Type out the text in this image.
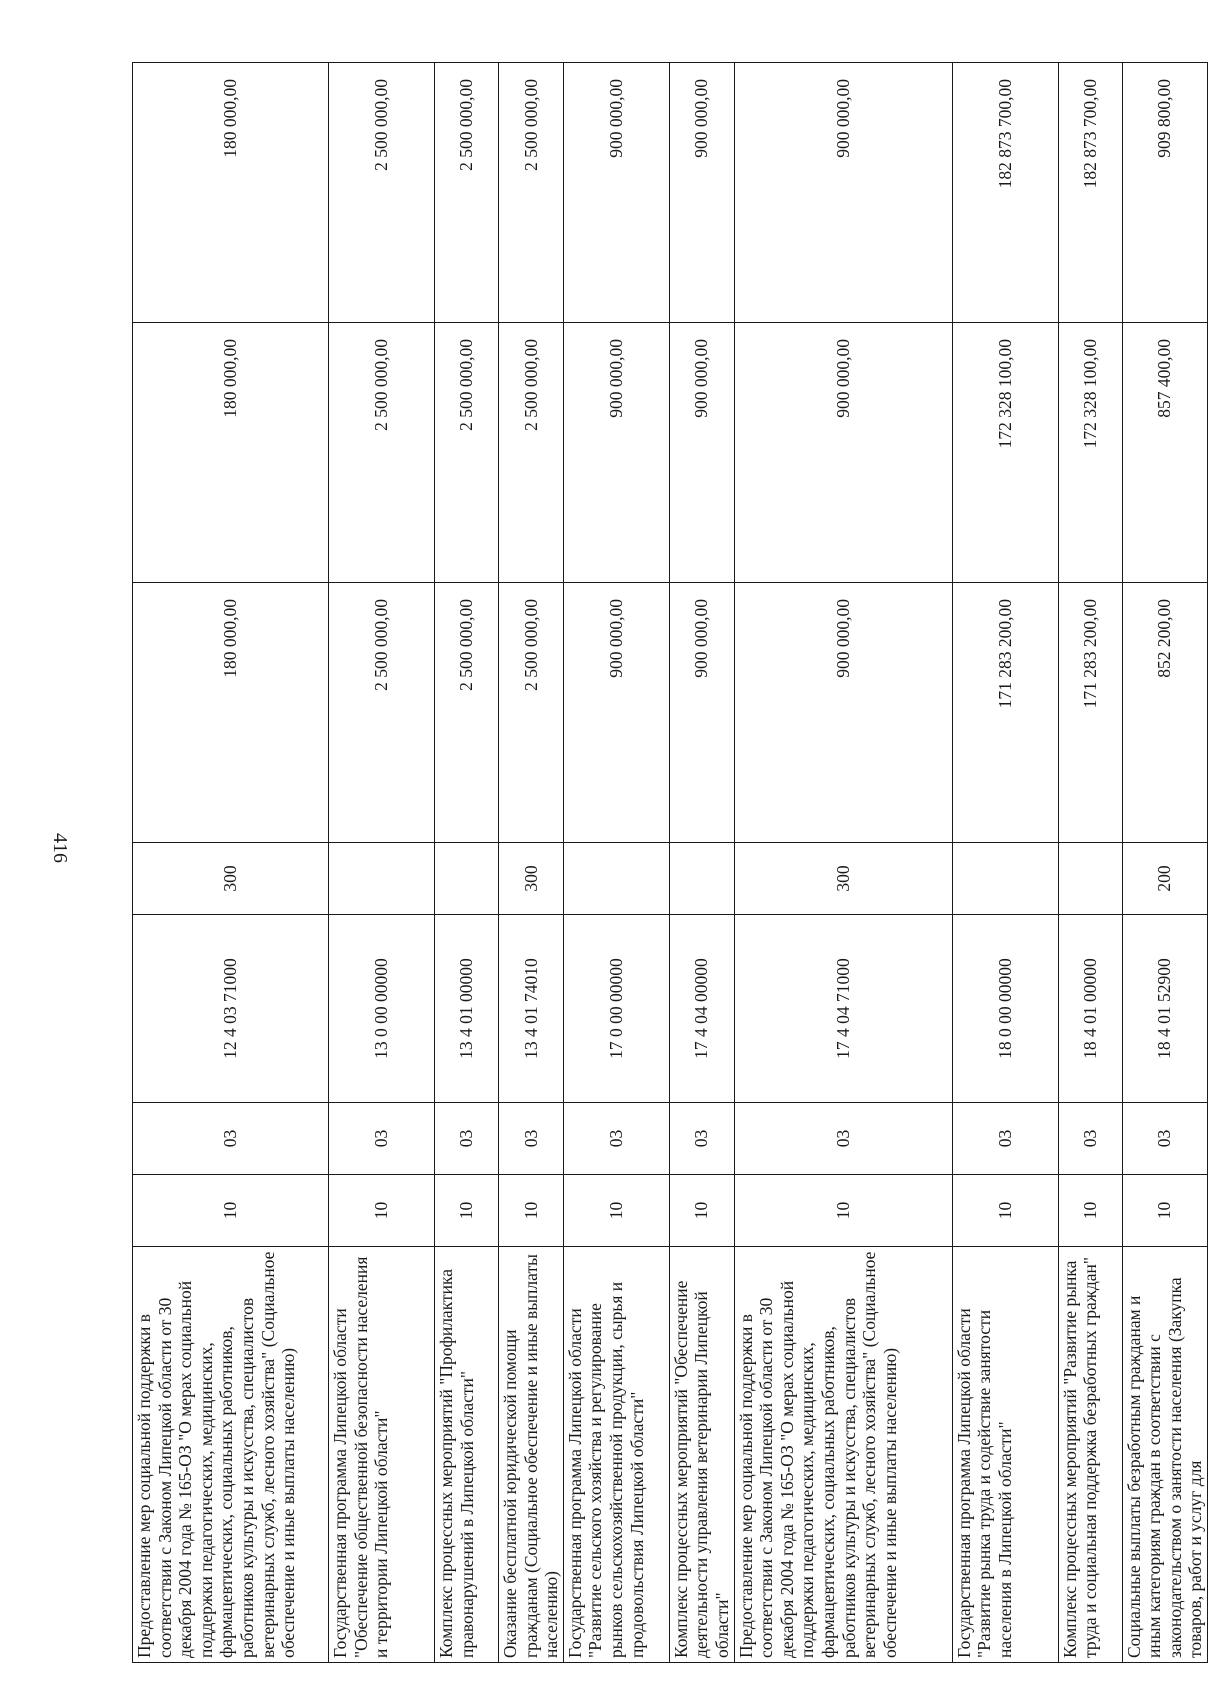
416
Предоставление мер социальной поддержки в соответствии с Законом Липецкой области от 30 декабря 2004 года № 165-ОЗ "О мерах социальной поддержки педагогических, медицинских, фармацевтических, социальных работников, работников культуры и искусства, специалистов ветеринарных служб, лесного хозяйства" (Социальное обеспечение и иные выплаты населению)	10	03	12 4 03 71000	300	180 000,00	180 000,00	180 000,00
Государственная программа Липецкой области "Обеспечение общественной безопасности населения и территории Липецкой области"	10	03	13 0 00 00000		2 500 000,00	2 500 000,00	2 500 000,00
Комплекс процессных мероприятий "Профилактика правонарушений в Липецкой области"	10	03	13 4 01 00000		2 500 000,00	2 500 000,00	2 500 000,00
Оказание бесплатной юридической помощи гражданам (Социальное обеспечение и иные выплаты населению)	10	03	13 4 01 74010	300	2 500 000,00	2 500 000,00	2 500 000,00
Государственная программа Липецкой области "Развитие сельского хозяйства и регулирование рынков сельскохозяйственной продукции, сырья и продовольствия Липецкой области"	10	03	17 0 00 00000		900 000,00	900 000,00	900 000,00
Комплекс процессных мероприятий "Обеспечение деятельности управления ветеринарии Липецкой области"	10	03	17 4 04 00000		900 000,00	900 000,00	900 000,00
Предоставление мер социальной поддержки в соответствии с Законом Липецкой области от 30 декабря 2004 года № 165-ОЗ "О мерах социальной поддержки педагогических, медицинских, фармацевтических, социальных работников, работников культуры и искусства, специалистов ветеринарных служб, лесного хозяйства" (Социальное обеспечение и иные выплаты населению)	10	03	17 4 04 71000	300	900 000,00	900 000,00	900 000,00
Государственная программа Липецкой области "Развитие рынка труда и содействие занятости населения в Липецкой области"	10	03	18 0 00 00000		171 283 200,00	172 328 100,00	182 873 700,00
Комплекс процессных мероприятий "Развитие рынка труда и социальная поддержка безработных граждан"	10	03	18 4 01 00000		171 283 200,00	172 328 100,00	182 873 700,00
Социальные выплаты безработным гражданам и иным категориям граждан в соответствии с законодательством о занятости населения (Закупка товаров, работ и услуг для	10	03	18 4 01 52900	200	852 200,00	857 400,00	909 800,00
